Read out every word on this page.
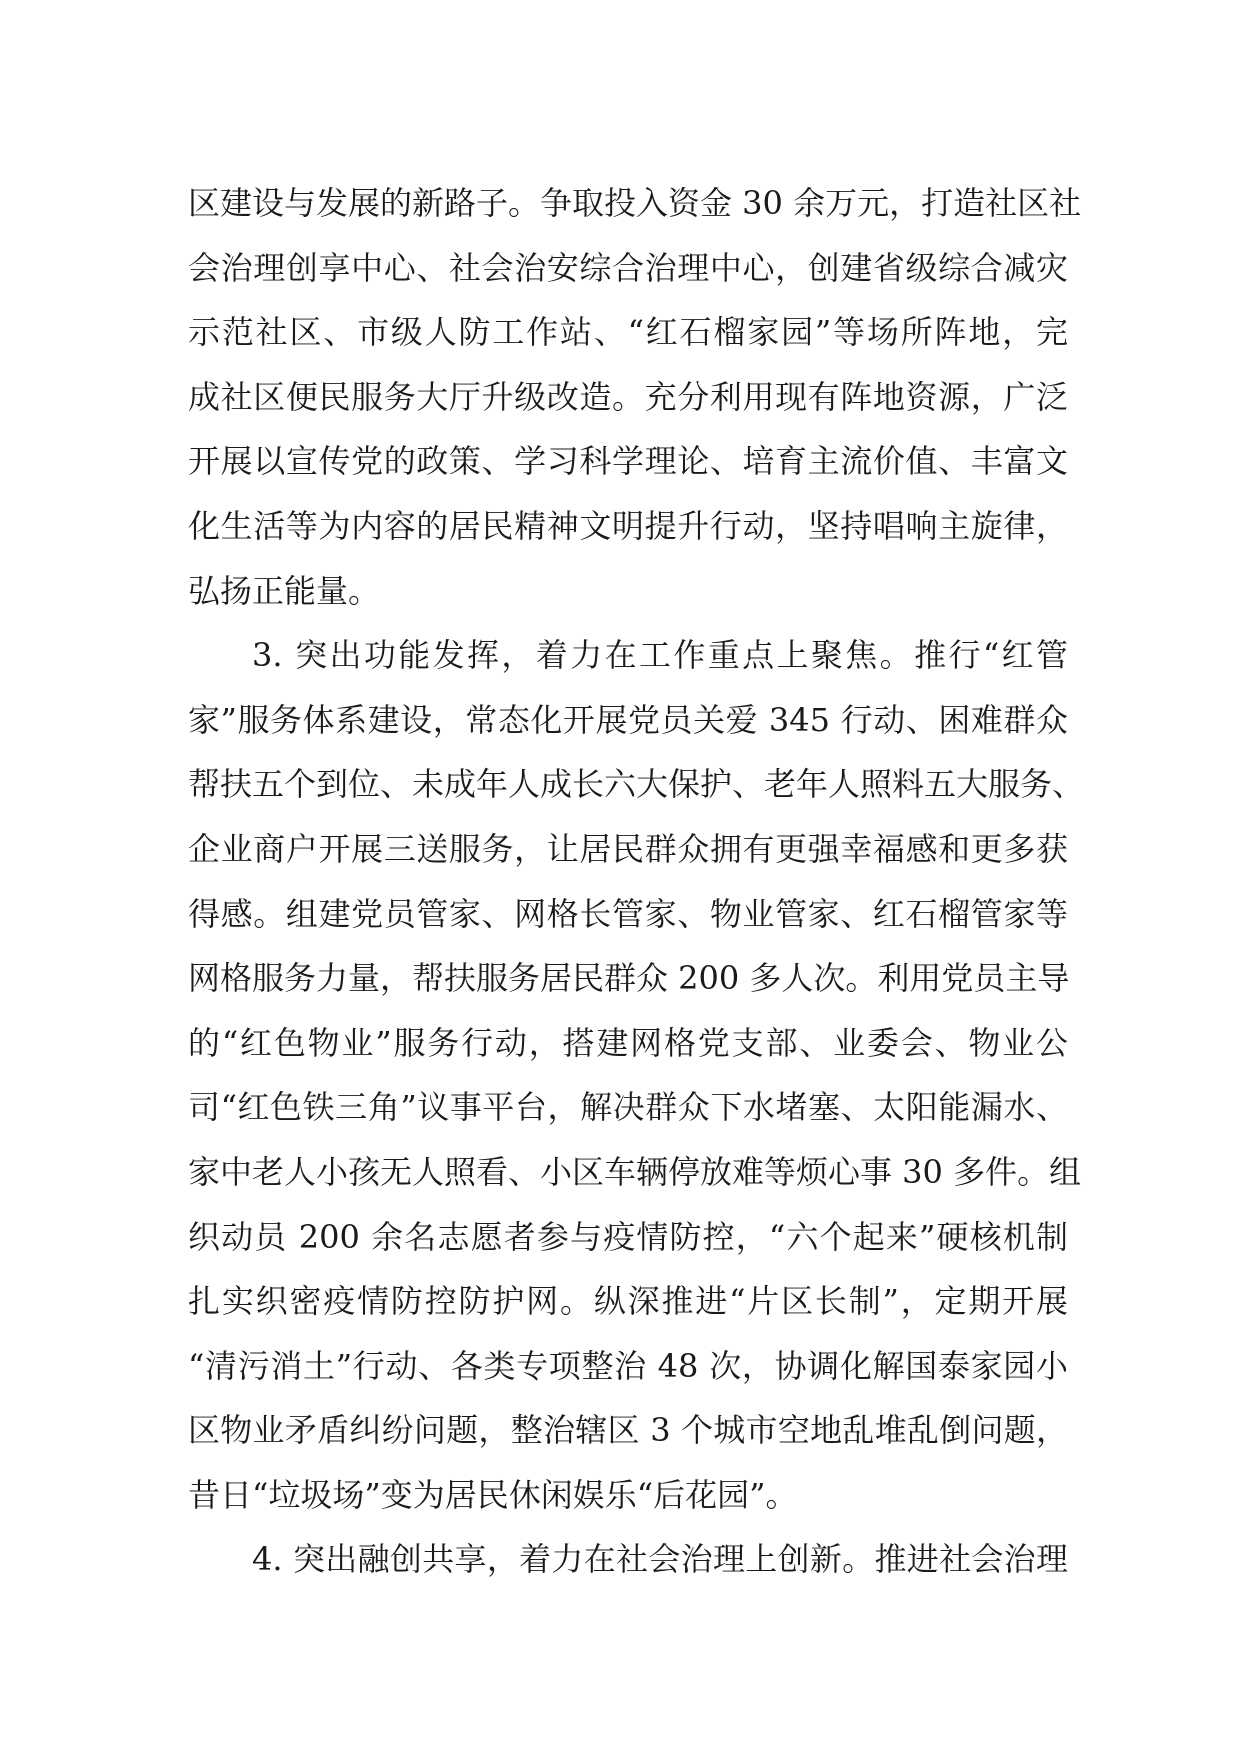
区建设与发展的新路子。争取投入资金 30 余万元，打造社区社
会治理创享中心、社会治安综合治理中心，创建省级综合减灾
示范社区、市级人防工作站、“红石榴家园”等场所阵地，完
成社区便民服务大厅升级改造。充分利用现有阵地资源，广泛
开展以宣传党的政策、学习科学理论、培育主流价值、丰富文
化生活等为内容的居民精神文明提升行动，坚持唱响主旋律，
弘扬正能量。
3. 突出功能发挥，着力在工作重点上聚焦。推行“红管
家”服务体系建设，常态化开展党员关爱 345 行动、困难群众
帮扶五个到位、未成年人成长六大保护、老年人照料五大服务、
企业商户开展三送服务，让居民群众拥有更强幸福感和更多获
得感。组建党员管家、网格长管家、物业管家、红石榴管家等
网格服务力量，帮扶服务居民群众 200 多人次。利用党员主导
的“红色物业”服务行动，搭建网格党支部、业委会、物业公
司“红色铁三角”议事平台，解决群众下水堵塞、太阳能漏水、
家中老人小孩无人照看、小区车辆停放难等烦心事 30 多件。组
织动员 200 余名志愿者参与疫情防控，“六个起来”硬核机制
扎实织密疫情防控防护网。纵深推进“片区长制”，定期开展
“清污消土”行动、各类专项整治 48 次，协调化解国泰家园小
区物业矛盾纠纷问题，整治辖区 3 个城市空地乱堆乱倒问题，
昔日“垃圾场”变为居民休闲娱乐“后花园”。
4. 突出融创共享，着力在社会治理上创新。推进社会治理
